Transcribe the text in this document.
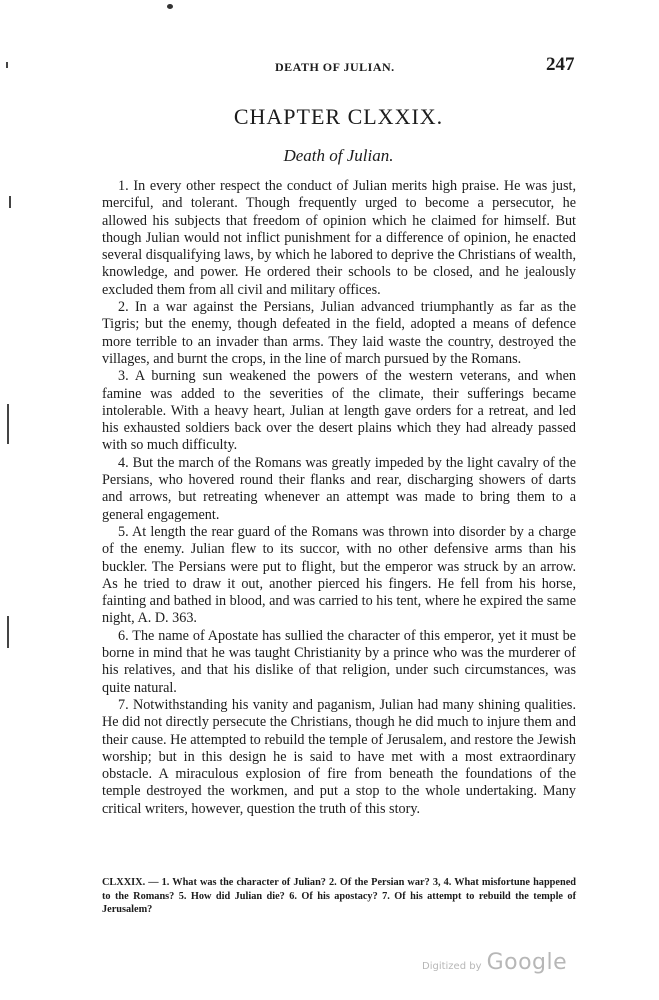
DEATH OF JULIAN.	247
CHAPTER CLXXIX.
Death of Julian.

1. In every other respect the conduct of Julian merits high praise. He was just, merciful, and tolerant. Though frequently urged to become a persecutor, he allowed his subjects that freedom of opinion which he claimed for himself. But though Julian would not inflict punishment for a difference of opinion, he enacted several disqualifying laws, by which he labored to deprive the Christians of wealth, knowledge, and power. He ordered their schools to be closed, and he jealously excluded them from all civil and military offices.

2. In a war against the Persians, Julian advanced triumphantly as far as the Tigris; but the enemy, though defeated in the field, adopted a means of defence more terrible to an invader than arms. They laid waste the country, destroyed the villages, and burnt the crops, in the line of march pursued by the Romans.

3. A burning sun weakened the powers of the western veterans, and when famine was added to the severities of the climate, their sufferings became intolerable. With a heavy heart, Julian at length gave orders for a retreat, and led his exhausted soldiers back over the desert plains which they had already passed with so much difficulty.

4. But the march of the Romans was greatly impeded by the light cavalry of the Persians, who hovered round their flanks and rear, discharging showers of darts and arrows, but retreating whenever an attempt was made to bring them to a general engagement.

5. At length the rear guard of the Romans was thrown into disorder by a charge of the enemy. Julian flew to its succor, with no other defensive arms than his buckler. The Persians were put to flight, but the emperor was struck by an arrow. As he tried to draw it out, another pierced his fingers. He fell from his horse, fainting and bathed in blood, and was carried to his tent, where he expired the same night, A. D. 363.

6. The name of Apostate has sullied the character of this emperor, yet it must be borne in mind that he was taught Christianity by a prince who was the murderer of his relatives, and that his dislike of that religion, under such circumstances, was quite natural.

7. Notwithstanding his vanity and paganism, Julian had many shining qualities. He did not directly persecute the Christians, though he did much to injure them and their cause. He attempted to rebuild the temple of Jerusalem, and restore the Jewish worship; but in this design he is said to have met with a most extraordinary obstacle. A miraculous explosion of fire from beneath the foundations of the temple destroyed the workmen, and put a stop to the whole undertaking. Many critical writers, however, question the truth of this story.

CLXXIX. — 1. What was the character of Julian? 2. Of the Persian war? 3, 4. What misfortune happened to the Romans? 5. How did Julian die? 6. Of his apostacy? 7. Of his attempt to rebuild the temple of Jerusalem?
Digitized by Google
